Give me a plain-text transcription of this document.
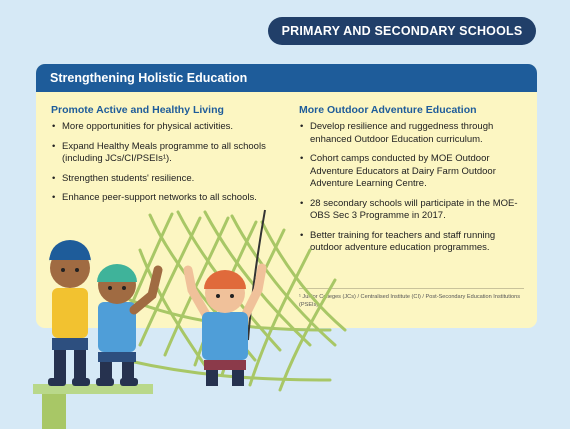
PRIMARY AND SECONDARY SCHOOLS
Strengthening Holistic Education
Promote Active and Healthy Living
• More opportunities for physical activities.
• Expand Healthy Meals programme to all schools (including JCs/CI/PSEIs¹).
• Strengthen students' resilience.
• Enhance peer-support networks to all schools.
More Outdoor Adventure Education
• Develop resilience and ruggedness through enhanced Outdoor Education curriculum.
• Cohort camps conducted by MOE Outdoor Adventure Educators at Dairy Farm Outdoor Adventure Learning Centre.
• 28 secondary schools will participate in the MOE-OBS Sec 3 Programme in 2017.
• Better training for teachers and staff running outdoor adventure education programmes.
¹ Junior Colleges (JCs) / Centralised Institute (CI) / Post-Secondary Education Institutions (PSEIs)
